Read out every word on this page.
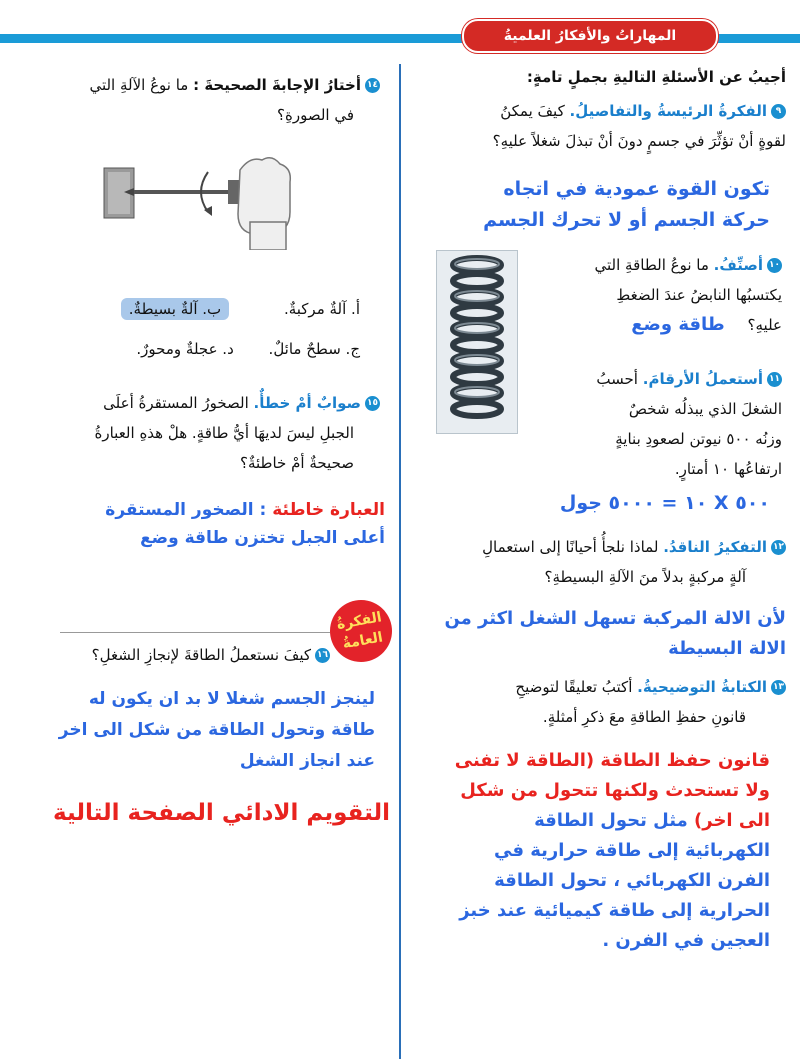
المهاراتُ والأفكارُ العلميةُ
أجيبُ عن الأسئلةِ التاليةِ بجملٍ تامةٍ:
٩الفكرةُ الرئيسةُ والتفاصيلُ. كيفَ يمكنُ
لقوةٍ أنْ تؤثِّرَ في جسمٍ دونَ أنْ تبذلَ شغلاً عليهِ؟
تكون القوة عمودية في اتجاه
حركة الجسم أو لا تحرك الجسم
١٠أصنِّفُ. ما نوعُ الطاقةِ التي
يكتسبُها النابضُ عندَ الضغطِ
عليهِ؟ طاقة وضع
١١أستعملُ الأرقامَ. أحسبُ
الشغلَ الذي يبذلُه شخصٌ
وزنُه ٥٠٠ نيوتن لصعودِ بنايةٍ
ارتفاعُها ١٠ أمتارٍ.
٥٠٠ X ١٠ = ٥٠٠٠ جول
١٢التفكيرُ الناقدُ. لماذا نلجأُ أحيانًا إلى استعمالِ
آلةٍ مركبةٍ بدلاً منَ الآلةِ البسيطةِ؟
لأن الالة المركبة تسهل الشغل اكثر من
الالة البسيطة
١٣الكتابةُ التوضيحيةُ. أكتبُ تعليقًا لتوضيحِ
قانونِ حفظِ الطاقةِ معَ ذكرِ أمثلةٍ.
قانون حفظ الطاقة (الطاقة لا تفنى
ولا تستحدث ولكنها تتحول من شكل
الى اخر) مثل تحول الطاقة
الكهربائية إلى طاقة حرارية في
الفرن الكهربائي ، تحول الطاقة
الحرارية إلى طاقة كيميائية عند خبز
العجين في الفرن .
١٤أختارُ الإجابةَ الصحيحةَ : ما نوعُ الآلةِ التي
في الصورةِ؟
أ. آلةٌ مركبةٌ. ب. آلةٌ بسيطةٌ.
ج. سطحٌ مائلٌ. د. عجلةٌ ومحورٌ.
١٥صوابٌ أمْ خطأٌ. الصخورُ المستقرةُ أعلَى
الجبلِ ليسَ لديهَا أيُّ طاقةٍ. هلْ هذهِ العبارةُ
صحيحةٌ أمْ خاطئةٌ؟
العبارة خاطئة : الصخور المستقرة
أعلى الجبل تختزن طاقة وضع
الفكرةُ
العامةُ
١٦كيفَ نستعملُ الطاقةَ لإنجازِ الشغلِ؟
لينجز الجسم شغلا لا بد ان يكون له
طاقة وتحول الطاقة من شكل الى اخر
عند انجاز الشغل
التقويم الادائي الصفحة التالية
